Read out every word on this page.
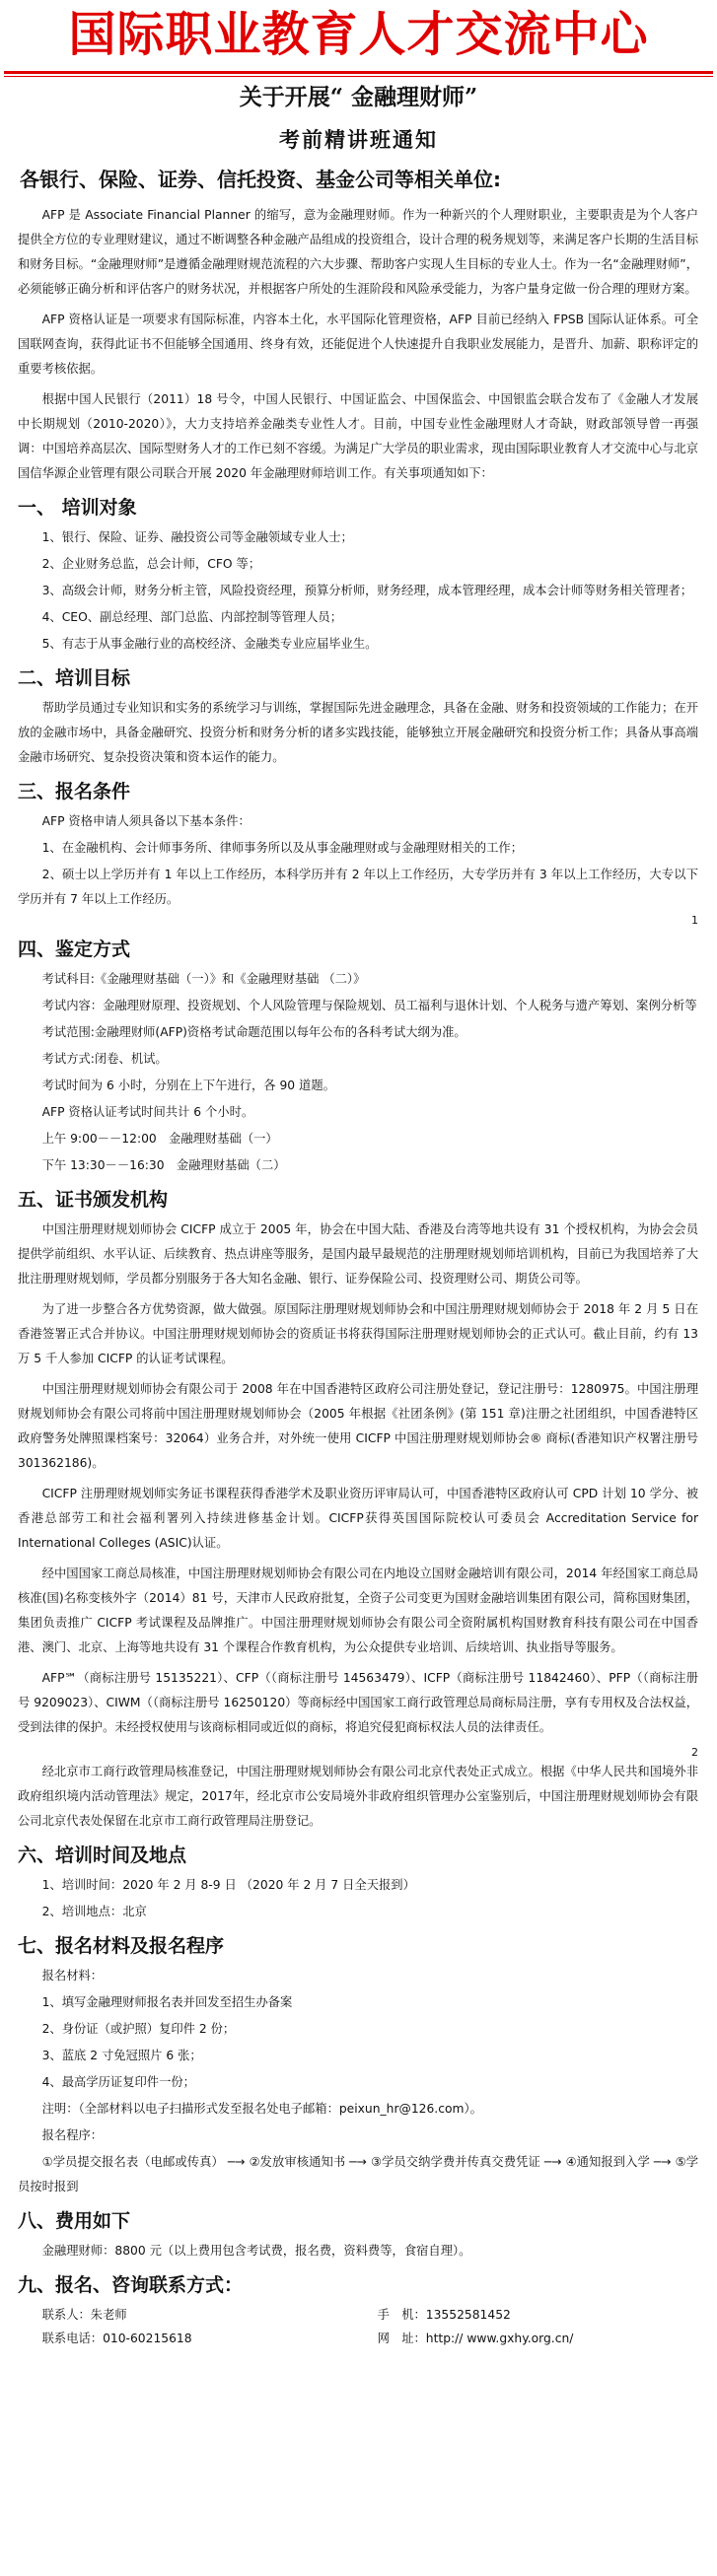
国际职业教育人才交流中心
关于开展“ 金融理财师”
考前精讲班通知
各银行、保险、证券、信托投资、基金公司等相关单位:

AFP 是 Associate Financial Planner 的缩写，意为金融理财师。作为一种新兴的个人理财职业，主要职责是为个人客户提供全方位的专业理财建议，通过不断调整各种金融产品组成的投资组合，设计合理的税务规划等，来满足客户长期的生活目标和财务目标。“金融理财师”是遵循金融理财规范流程的六大步骤、帮助客户实现人生目标的专业人士。作为一名“金融理财师”，必须能够正确分析和评估客户的财务状况，并根据客户所处的生涯阶段和风险承受能力，为客户量身定做一份合理的理财方案。

AFP 资格认证是一项要求有国际标准，内容本土化，水平国际化管理资格，AFP 目前已经纳入 FPSB 国际认证体系。可全国联网查询，获得此证书不但能够全国通用、终身有效，还能促进个人快速提升自我职业发展能力，是晋升、加薪、职称评定的重要考核依据。

根据中国人民银行（2011）18 号令，中国人民银行、中国证监会、中国保监会、中国银监会联合发布了《金融人才发展中长期规划（2010-2020）》，大力支持培养金融类专业性人才。目前，中国专业性金融理财人才奇缺，财政部领导曾一再强调：中国培养高层次、国际型财务人才的工作已刻不容缓。为满足广大学员的职业需求，现由国际职业教育人才交流中心与北京国信华源企业管理有限公司联合开展 2020 年金融理财师培训工作。有关事项通知如下：

一、 培训对象

1、银行、保险、证券、融投资公司等金融领域专业人士；

2、企业财务总监，总会计师，CFO 等；

3、高级会计师，财务分析主管，风险投资经理，预算分析师，财务经理，成本管理经理，成本会计师等财务相关管理者；

4、CEO、副总经理、部门总监、内部控制等管理人员；

5、有志于从事金融行业的高校经济、金融类专业应届毕业生。

二、培训目标

帮助学员通过专业知识和实务的系统学习与训练，掌握国际先进金融理念，具备在金融、财务和投资领域的工作能力；在开放的金融市场中，具备金融研究、投资分析和财务分析的诸多实践技能，能够独立开展金融研究和投资分析工作；具备从事高端金融市场研究、复杂投资决策和资本运作的能力。

三、报名条件

AFP 资格申请人须具备以下基本条件：

1、在金融机构、会计师事务所、律师事务所以及从事金融理财或与金融理财相关的工作；

2、硕士以上学历并有 1 年以上工作经历，本科学历并有 2 年以上工作经历，大专学历并有 3 年以上工作经历，大专以下学历并有 7 年以上工作经历。

1

四、鉴定方式

考试科目:《金融理财基础（一）》和《金融理财基础 （二）》

考试内容：金融理财原理、投资规划、个人风险管理与保险规划、员工福利与退休计划、个人税务与遗产筹划、案例分析等

考试范围:金融理财师(AFP)资格考试命题范围以每年公布的各科考试大纲为准。

考试方式:闭卷、机试。

考试时间为 6 小时，分别在上下午进行，各 90 道题。

AFP 资格认证考试时间共计 6 个小时。

上午 9:00－－12:00　金融理财基础（一）

下午 13:30－－16:30　金融理财基础（二）

五、证书颁发机构

中国注册理财规划师协会 CICFP 成立于 2005 年，协会在中国大陆、香港及台湾等地共设有 31 个授权机构，为协会会员提供学前组织、水平认证、后续教育、热点讲座等服务，是国内最早最规范的注册理财规划师培训机构，目前已为我国培养了大批注册理财规划师，学员都分别服务于各大知名金融、银行、证券保险公司、投资理财公司、期货公司等。

为了进一步整合各方优势资源，做大做强。原国际注册理财规划师协会和中国注册理财规划师协会于 2018 年 2 月 5 日在香港签署正式合并协议。中国注册理财规划师协会的资质证书将获得国际注册理财规划师协会的正式认可。截止目前，约有 13 万 5 千人参加 CICFP 的认证考试课程。

中国注册理财规划师协会有限公司于 2008 年在中国香港特区政府公司注册处登记，登记注册号：1280975。中国注册理财规划师协会有限公司将前中国注册理财规划师协会（2005 年根据《社团条例》(第 151 章)注册之社团组织，中国香港特区政府警务处牌照课档案号：32064）业务合并，对外统一使用 CICFP 中国注册理财规划师协会® 商标(香港知识产权署注册号 301362186)。

CICFP 注册理财规划师实务证书课程获得香港学术及职业资历评审局认可，中国香港特区政府认可 CPD 计划 10 学分、被香港总部劳工和社会福利署列入持续进修基金计划。CICFP获得英国国际院校认可委员会 Accreditation Service for International Colleges (ASIC)认证。

经中国国家工商总局核准，中国注册理财规划师协会有限公司在内地设立国财金融培训有限公司，2014 年经国家工商总局核准(国)名称变核外字（2014）81 号，天津市人民政府批复，全资子公司变更为国财金融培训集团有限公司，简称国财集团，集团负责推广 CICFP 考试课程及品牌推广。中国注册理财规划师协会有限公司全资附属机构国财教育科技有限公司在中国香港、澳门、北京、上海等地共设有 31 个课程合作教育机构，为公众提供专业培训、后续培训、执业指导等服务。

AFP℠（商标注册号 15135221）、CFP（（商标注册号 14563479）、ICFP（商标注册号 11842460）、PFP（（商标注册号 9209023）、CIWM（（商标注册号 16250120）等商标经中国国家工商行政管理总局商标局注册，享有专用权及合法权益，受到法律的保护。未经授权使用与该商标相同或近似的商标，将追究侵犯商标权法人员的法律责任。

2

经北京市工商行政管理局核准登记，中国注册理财规划师协会有限公司北京代表处正式成立。根据《中华人民共和国境外非政府组织境内活动管理法》规定，2017年，经北京市公安局境外非政府组织管理办公室鉴别后，中国注册理财规划师协会有限公司北京代表处保留在北京市工商行政管理局注册登记。

六、培训时间及地点

1、培训时间：2020 年 2 月 8-9 日 （2020 年 2 月 7 日全天报到）

2、培训地点：北京

七、报名材料及报名程序

报名材料：

1、填写金融理财师报名表并回发至招生办备案

2、身份证（或护照）复印件 2 份；

3、蓝底 2 寸免冠照片 6 张；

4、最高学历证复印件一份；

注明：（全部材料以电子扫描形式发至报名处电子邮箱：peixun_hr@126.com）。

报名程序：

①学员提交报名表（电邮或传真） ─→ ②发放审核通知书 ─→ ③学员交纳学费并传真交费凭证 ─→ ④通知报到入学 ─→ ⑤学员按时报到

八、费用如下

金融理财师：8800 元（以上费用包含考试费，报名费，资料费等，食宿自理）。

九、报名、咨询联系方式：
联系人：朱老师	手　机：13552581452
联系电话：010-60215618	网　址：http:// www.gxhy.org.cn/
